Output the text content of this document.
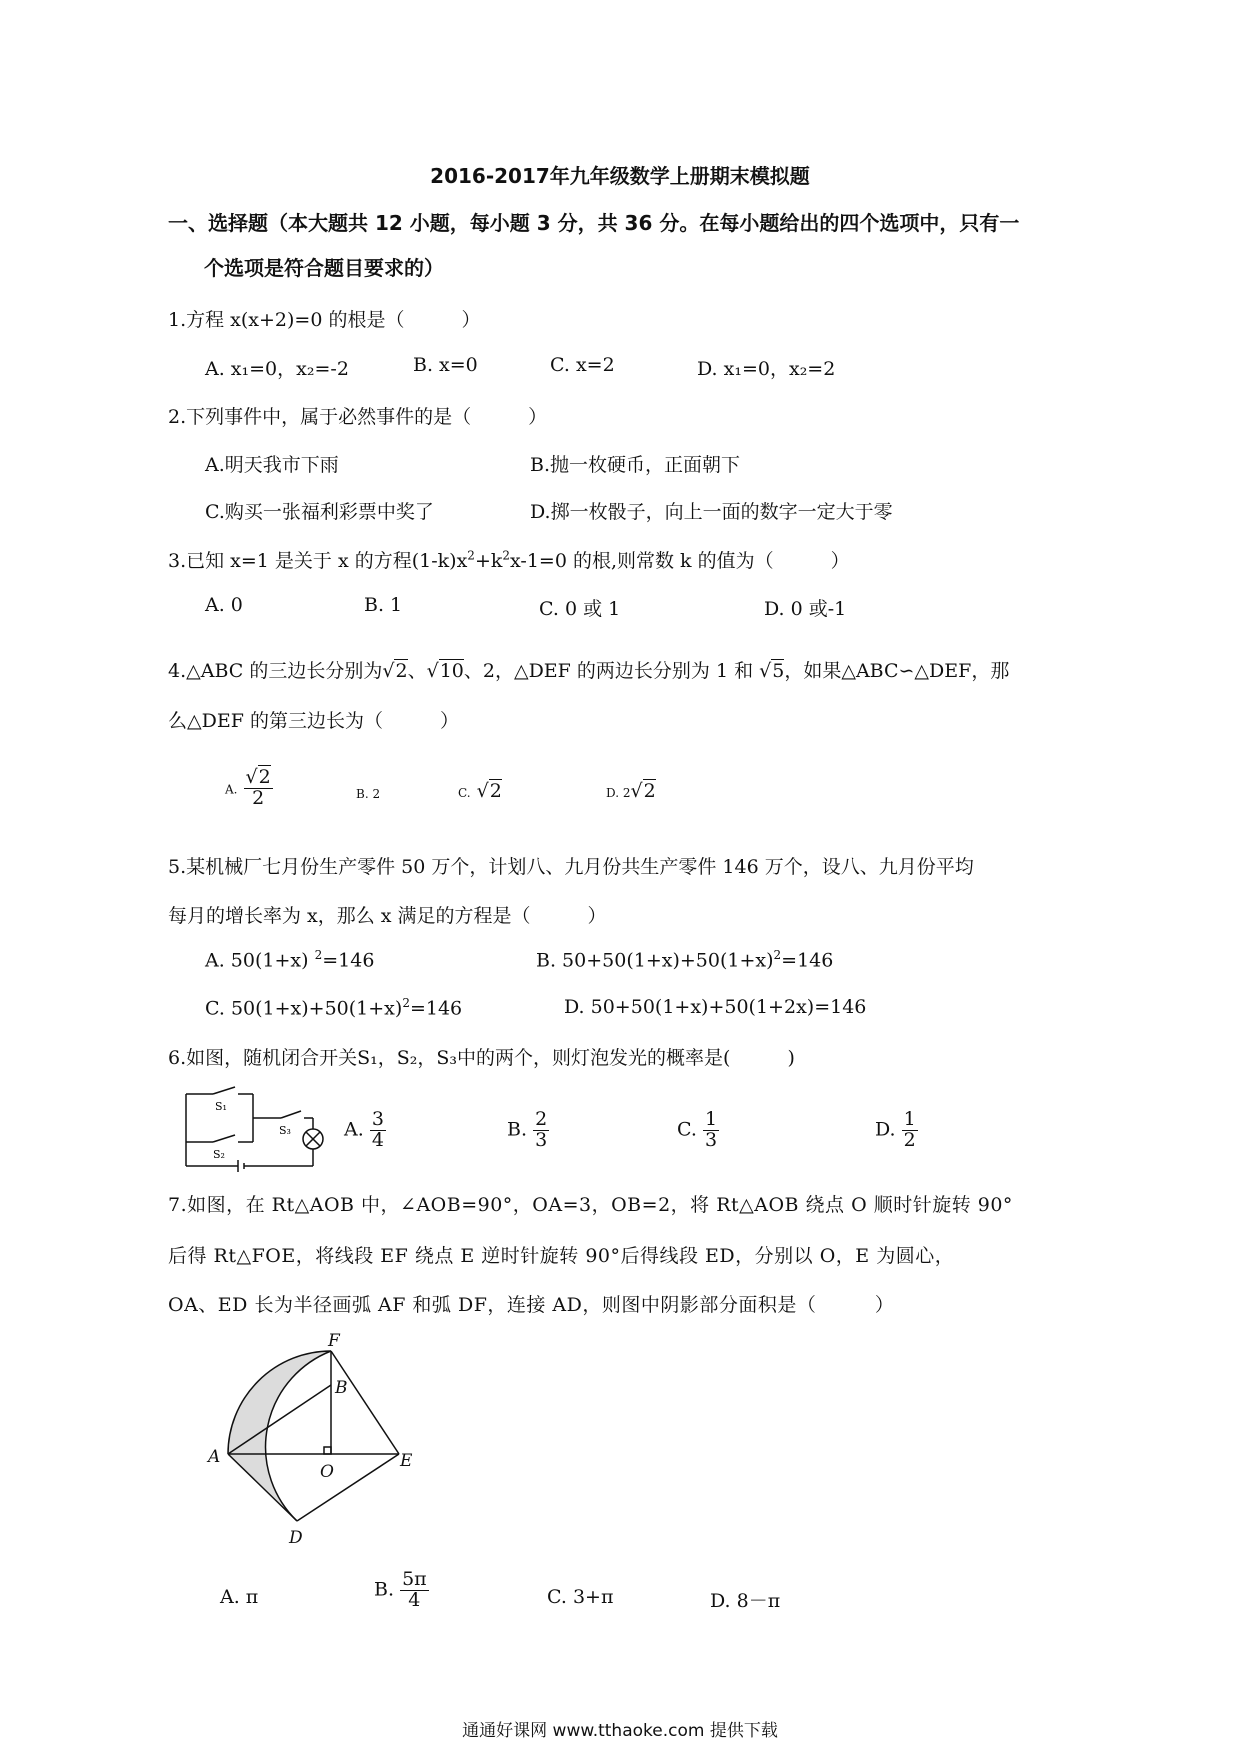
2016-2017年九年级数学上册期末模拟题
一、选择题（本大题共 12 小题，每小题 3 分，共 36 分。在每小题给出的四个选项中，只有一
个选项是符合题目要求的）
1.方程 x(x+2)=0 的根是（　　　）
A. x₁=0，x₂=-2	B. x=0	C. x=2	D. x₁=0，x₂=2
2.下列事件中，属于必然事件的是（　　　）
A.明天我市下雨	B.抛一枚硬币，正面朝下
C.购买一张福利彩票中奖了	D.掷一枚骰子，向上一面的数字一定大于零
3.已知 x=1 是关于 x 的方程$(1-k)x^2+k^2x-1=0$ 的根,则常数 k 的值为（　　　）
A. 0	B. 1	C. 0 或 1	D. 0 或-1
4.△ABC 的三边长分别为√2、√10、2，△DEF 的两边长分别为 1 和 √5，如果△ABC∽△DEF，那
么△DEF 的第三边长为（　　　）
A. $\frac{√2}{2}$	B. 2	C. √2	D. 2√2
5.某机械厂七月份生产零件 50 万个，计划八、九月份共生产零件 146 万个，设八、九月份平均
每月的增长率为 x，那么 x 满足的方程是（　　　）
A. 50(1+x) $^2$=146	B. $50+50(1+x)+50(1+x)^2=146$
C. $50(1+x)+50(1+x)^2=146$	D. 50+50(1+x)+50(1+2x)=146
6.如图，随机闭合开关S₁，S₂，S₃中的两个，则灯泡发光的概率是(　　　)
S₁
S₂
S₃	A. $\frac{3}{4}$	B. $\frac{2}{3}$	C. $\frac{1}{3}$	D. $\frac{1}{2}$
7.如图，在 Rt△AOB 中，∠AOB=90°，OA=3，OB=2，将 Rt△AOB 绕点 O 顺时针旋转 90°
后得 Rt△FOE，将线段 EF 绕点 E 逆时针旋转 90°后得线段 ED，分别以 O，E 为圆心，
OA、ED 长为半径画弧 AF 和弧 DF，连接 AD，则图中阴影部分面积是（　　　）
F
B
A
O
E
D
A. π	B. $\frac{5\pi}{4}$	C. 3+π	D. 8－π
通通好课网 www.tthaoke.com 提供下载
